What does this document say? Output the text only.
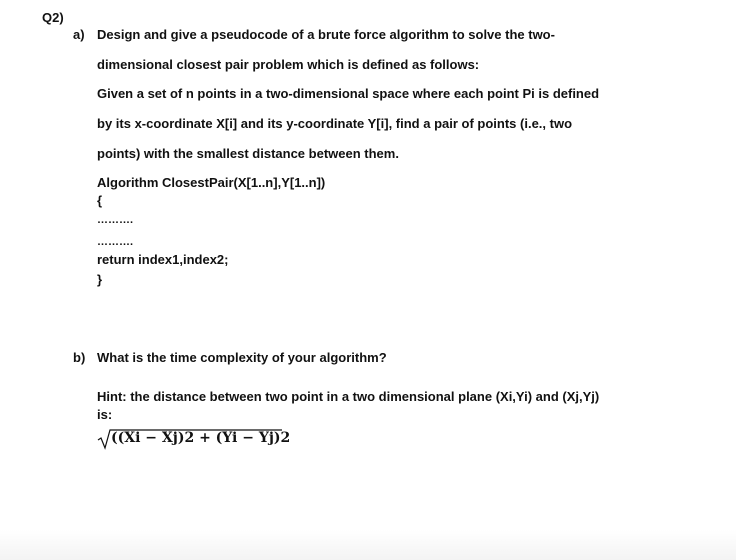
Q2)
a) Design and give a pseudocode of a brute force algorithm to solve the two-
dimensional closest pair problem which is defined as follows:
Given a set of n points in a two-dimensional space where each point Pi is defined
by its x-coordinate X[i] and its y-coordinate Y[i], find a pair of points (i.e., two
points) with the smallest distance between them.
Algorithm ClosestPair(X[1..n],Y[1..n])
{
……….
……….
return index1,index2;
}
b) What is the time complexity of your algorithm?
Hint: the distance between two point in a two dimensional plane (Xi,Yi) and (Xj,Yj)
is:
((Xi − Xj)2 + (Yi − Yj)2
